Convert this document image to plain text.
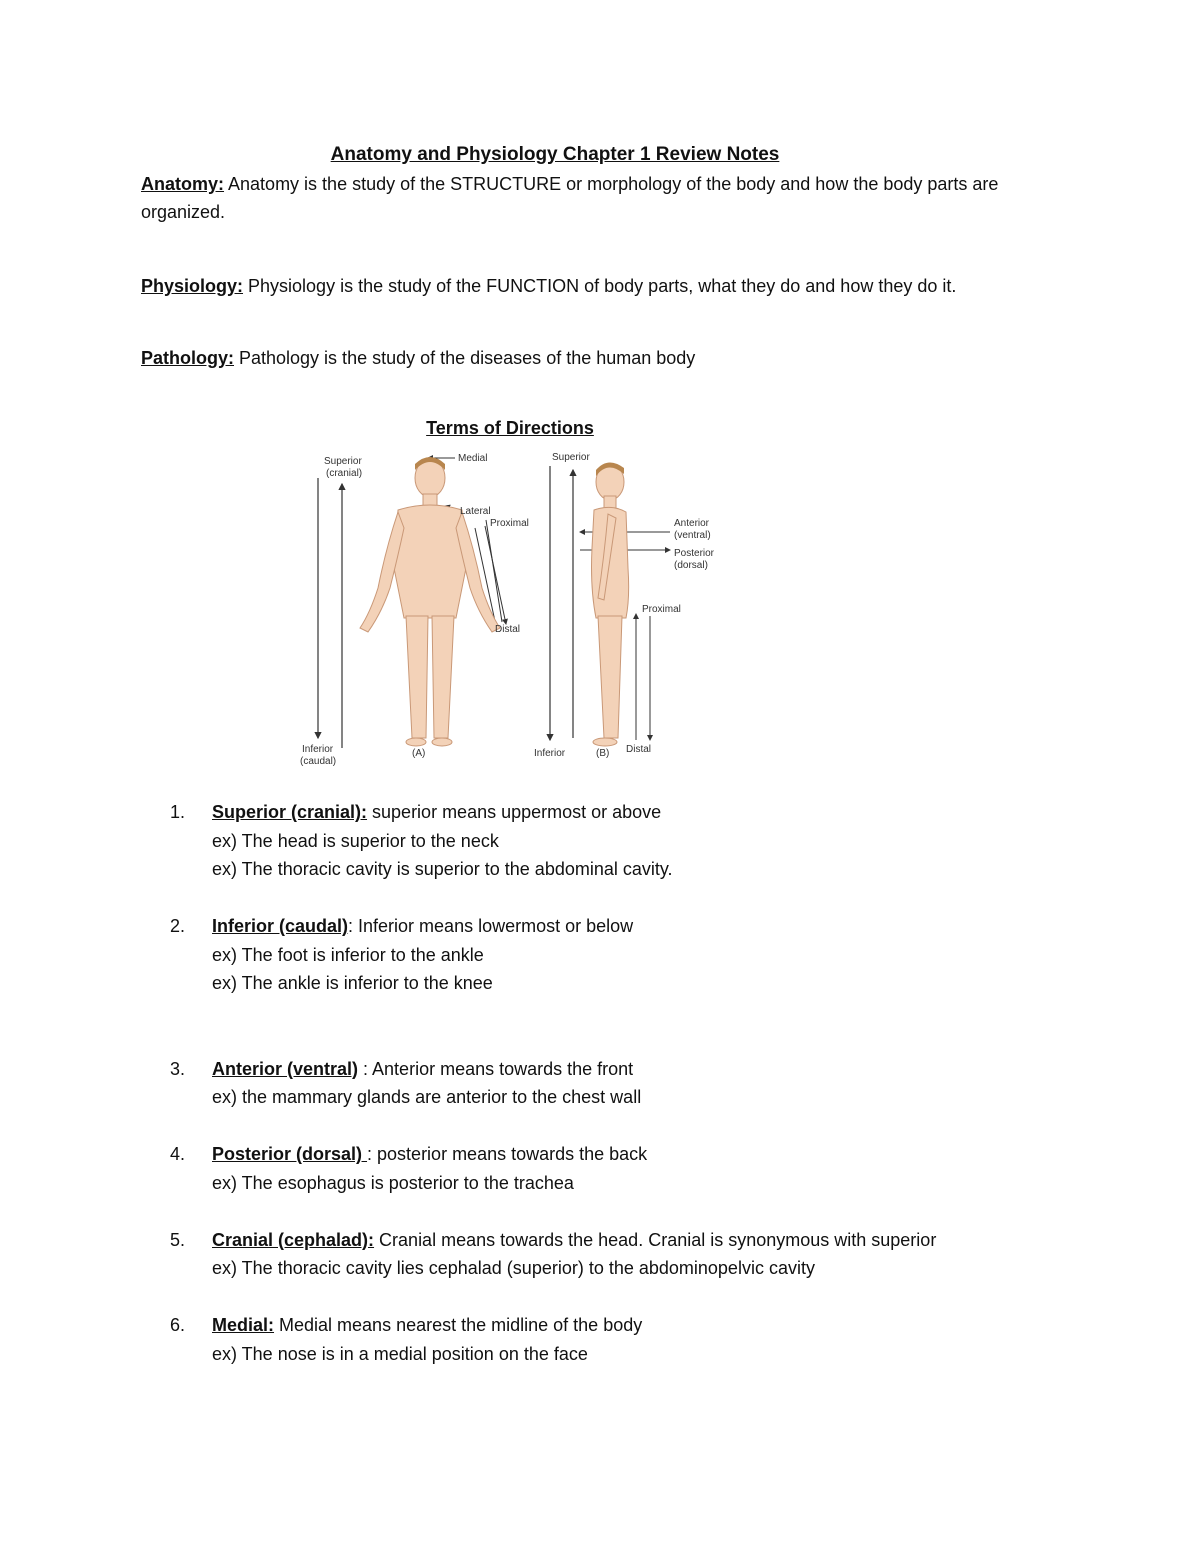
Anatomy and Physiology Chapter 1 Review Notes
Anatomy: Anatomy is the study of the STRUCTURE or morphology of the body and how the body parts are organized.
Physiology: Physiology is the study of the FUNCTION of body parts, what they do and how they do it.
Pathology: Pathology is the study of the diseases of the human body
Terms of Directions
Superior
(cranial)
Inferior
(caudal)
Medial
Lateral
Proximal
Distal
(A)
Superior
Anterior
(ventral)
Posterior
(dorsal)
Proximal
Inferior	(B) Distal
1. Superior (cranial): superior means uppermost or above
ex) The head is superior to the neck
ex) The thoracic cavity is superior to the abdominal cavity.
2. Inferior (caudal): Inferior means lowermost or below
ex) The foot is inferior to the ankle
ex) The ankle is inferior to the knee
3. Anterior (ventral) : Anterior means towards the front
ex) the mammary glands are anterior to the chest wall
4. Posterior (dorsal) : posterior means towards the back
ex) The esophagus is posterior to the trachea
5. Cranial (cephalad): Cranial means towards the head. Cranial is synonymous with superior
ex) The thoracic cavity lies cephalad (superior) to the abdominopelvic cavity
6. Medial: Medial means nearest the midline of the body
ex) The nose is in a medial position on the face
